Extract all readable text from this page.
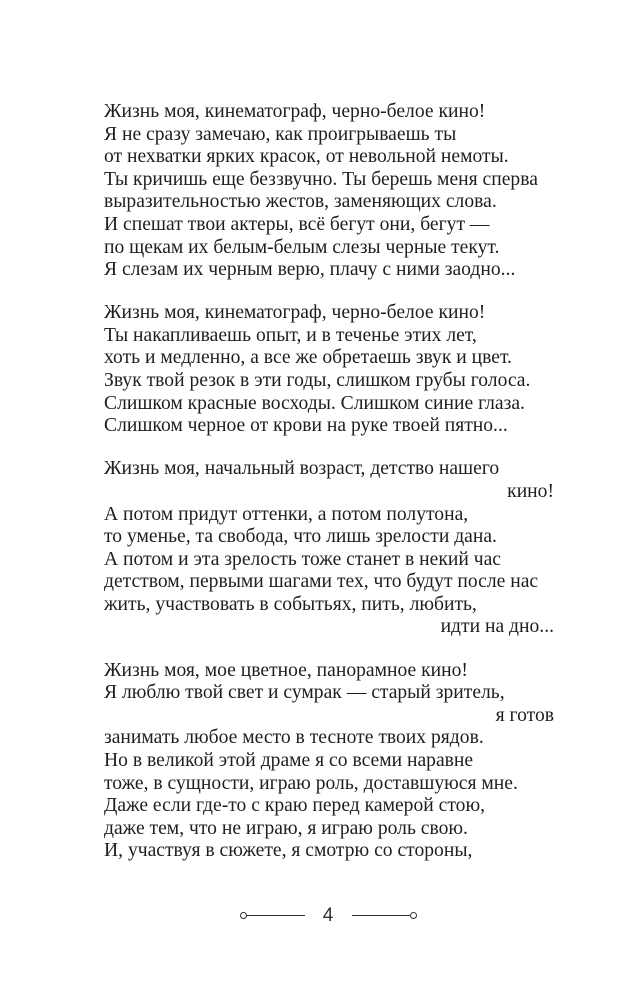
Жизнь моя, кинематограф, черно-белое кино!
Я не сразу замечаю, как проигрываешь ты
от нехватки ярких красок, от невольной немоты.
Ты кричишь еще беззвучно. Ты берешь меня сперва
выразительностью жестов, заменяющих слова.
И спешат твои актеры, всё бегут они, бегут —
по щекам их белым-белым слезы черные текут.
Я слезам их черным верю, плачу с ними заодно...
Жизнь моя, кинематограф, черно-белое кино!
Ты накапливаешь опыт, и в теченье этих лет,
хоть и медленно, а все же обретаешь звук и цвет.
Звук твой резок в эти годы, слишком грубы голоса.
Слишком красные восходы. Слишком синие глаза.
Слишком черное от крови на руке твоей пятно...
Жизнь моя, начальный возраст, детство нашего
кино!
А потом придут оттенки, а потом полутона,
то уменье, та свобода, что лишь зрелости дана.
А потом и эта зрелость тоже станет в некий час
детством, первыми шагами тех, что будут после нас
жить, участвовать в событьях, пить, любить,
идти на дно...
Жизнь моя, мое цветное, панорамное кино!
Я люблю твой свет и сумрак — старый зритель,
я готов
занимать любое место в тесноте твоих рядов.
Но в великой этой драме я со всеми наравне
тоже, в сущности, играю роль, доставшуюся мне.
Даже если где-то с краю перед камерой стою,
даже тем, что не играю, я играю роль свою.
И, участвуя в сюжете, я смотрю со стороны,
4
